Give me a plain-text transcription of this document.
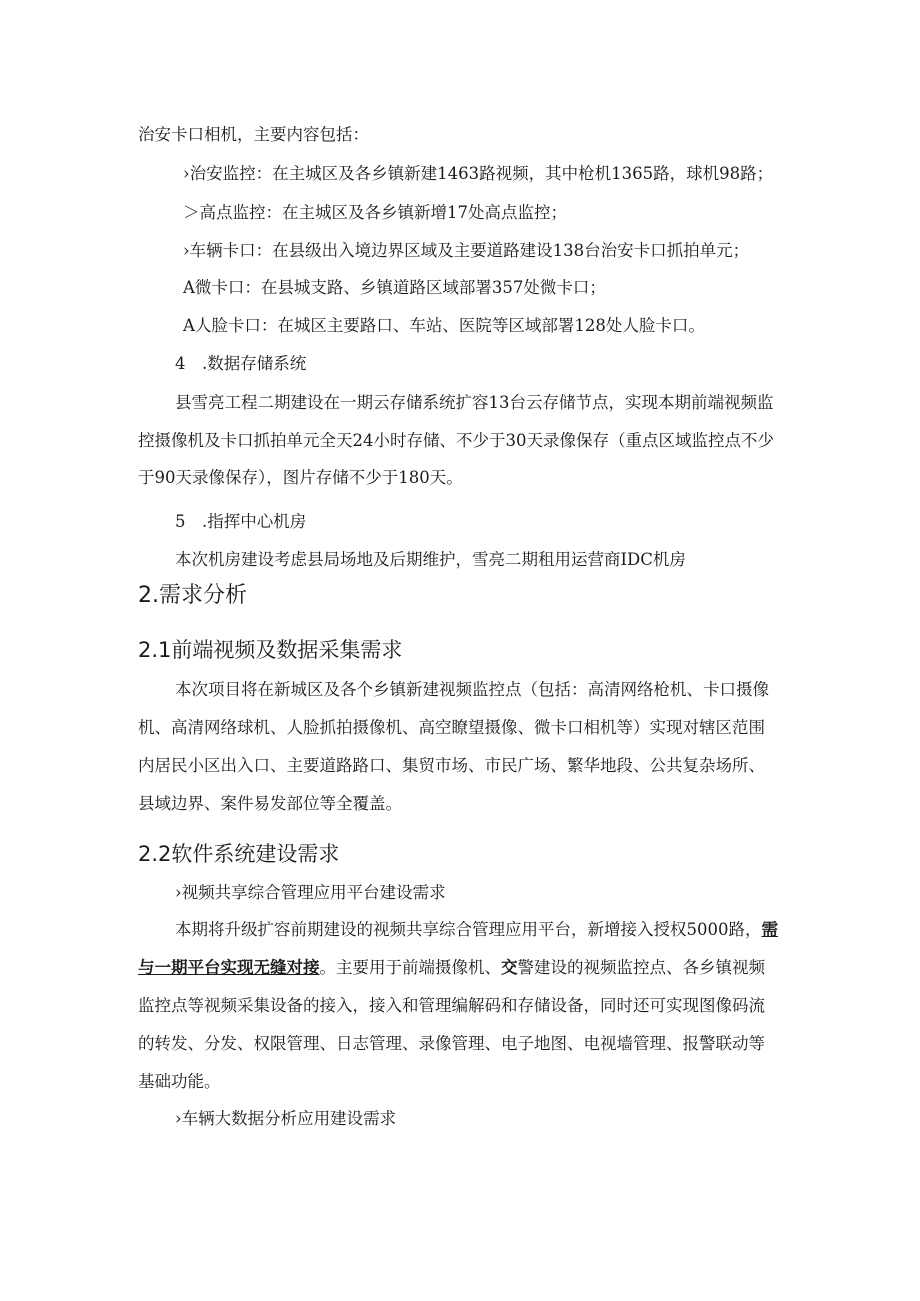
治安卡口相机，主要内容包括：
›治安监控：在主城区及各乡镇新建1463路视频，其中枪机1365路，球机98路；
＞高点监控：在主城区及各乡镇新增17处高点监控；
›车辆卡口：在县级出入境边界区域及主要道路建设138台治安卡口抓拍单元；
A微卡口：在县城支路、乡镇道路区域部署357处微卡口；
A人脸卡口：在城区主要路口、车站、医院等区域部署128处人脸卡口。
4　.数据存储系统
县雪亮工程二期建设在一期云存储系统扩容13台云存储节点，实现本期前端视频监
控摄像机及卡口抓拍单元全天24小时存储、不少于30天录像保存（重点区域监控点不少
于90天录像保存），图片存储不少于180天。
5　.指挥中心机房
本次机房建设考虑县局场地及后期维护，雪亮二期租用运营商IDC机房
2.需求分析
2.1前端视频及数据采集需求
本次项目将在新城区及各个乡镇新建视频监控点（包括：高清网络枪机、卡口摄像
机、高清网络球机、人脸抓拍摄像机、高空瞭望摄像、微卡口相机等）实现对辖区范围
内居民小区出入口、主要道路路口、集贸市场、市民广场、繁华地段、公共复杂场所、
县域边界、案件易发部位等全覆盖。
2.2软件系统建设需求
›视频共享综合管理应用平台建设需求
本期将升级扩容前期建设的视频共享综合管理应用平台，新增接入授权5000路，需
与一期平台实现无缝对接。主要用于前端摄像机、交警建设的视频监控点、各乡镇视频
监控点等视频采集设备的接入，接入和管理编解码和存储设备，同时还可实现图像码流
的转发、分发、权限管理、日志管理、录像管理、电子地图、电视墙管理、报警联动等
基础功能。
›车辆大数据分析应用建设需求
